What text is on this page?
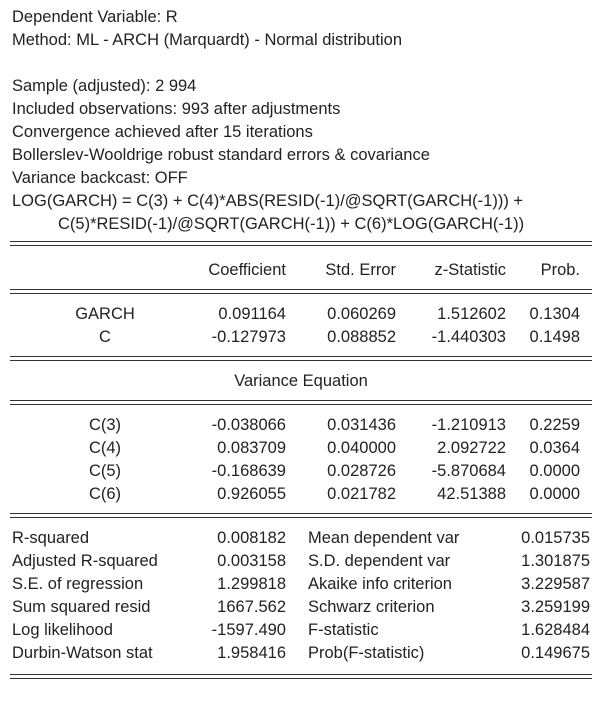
Dependent Variable: R
Method: ML - ARCH (Marquardt) - Normal distribution
Sample (adjusted): 2 994
Included observations: 993 after adjustments
Convergence achieved after 15 iterations
Bollerslev-Wooldrige robust standard errors & covariance
Variance backcast: OFF
LOG(GARCH) = C(3) + C(4)*ABS(RESID(-1)/@SQRT(GARCH(-1))) +
C(5)*RESID(-1)/@SQRT(GARCH(-1)) + C(6)*LOG(GARCH(-1))
Coefficient	Std. Error	z-Statistic	Prob.
GARCH	0.091164	0.060269	1.512602	0.1304
C	-0.127973	0.088852	-1.440303	0.1498
Variance Equation
C(3)	-0.038066	0.031436	-1.210913	0.2259
C(4)	0.083709	0.040000	2.092722	0.0364
C(5)	-0.168639	0.028726	-5.870684	0.0000
C(6)	0.926055	0.021782	42.51388	0.0000
R-squared	0.008182 Mean dependent var	0.015735
Adjusted R-squared	0.003158 S.D. dependent var	1.301875
S.E. of regression	1.299818 Akaike info criterion	3.229587
Sum squared resid	1667.562 Schwarz criterion	3.259199
Log likelihood	-1597.490 F-statistic	1.628484
Durbin-Watson stat	1.958416 Prob(F-statistic)	0.149675
